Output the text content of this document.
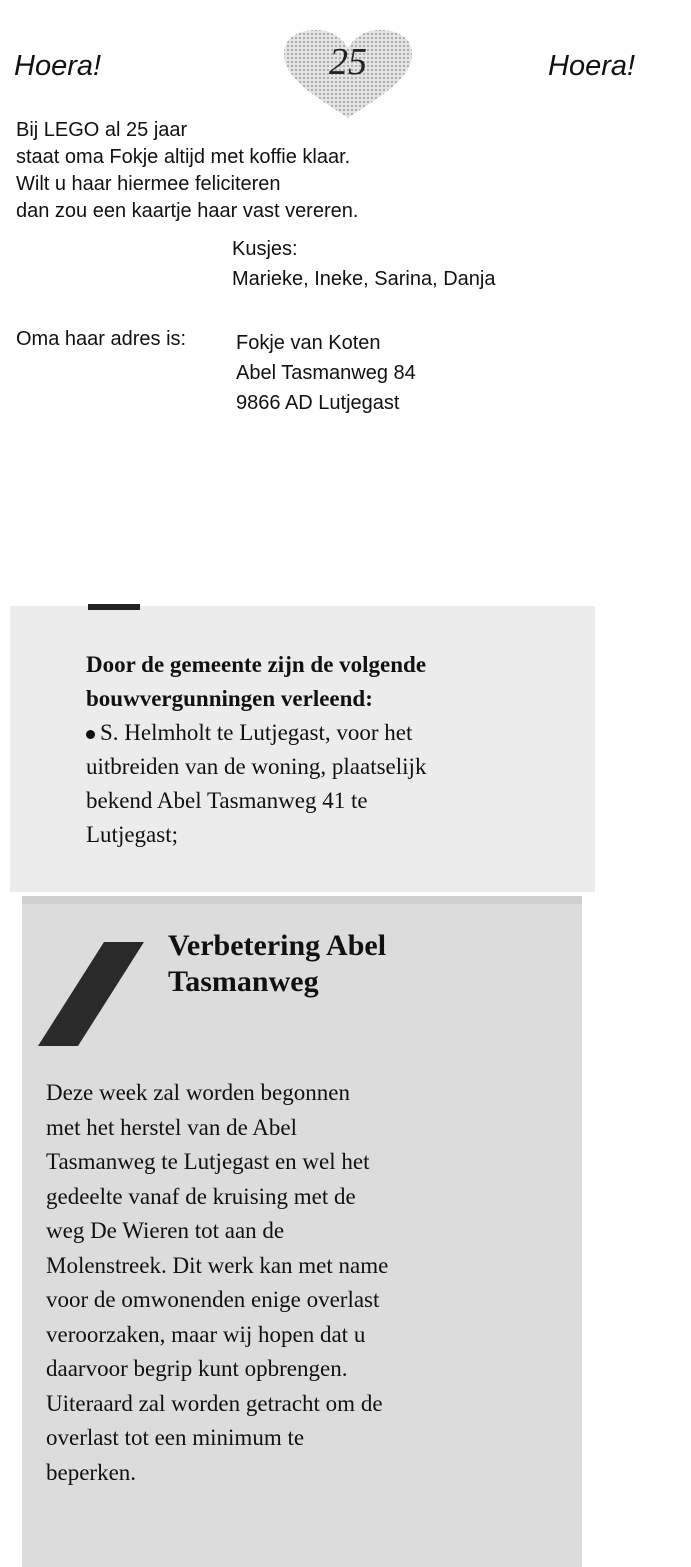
Hoera!	25	Hoera!
Bij LEGO al 25 jaar
staat oma Fokje altijd met koffie klaar.
Wilt u haar hiermee feliciteren
dan zou een kaartje haar vast vereren.
Kusjes:
Marieke, Ineke, Sarina, Danja
Oma haar adres is: Fokje van Koten
Abel Tasmanweg 84
9866 AD Lutjegast
Door de gemeente zijn de volgende
bouwvergunningen verleend:
S. Helmholt te Lutjegast, voor het
uitbreiden van de woning, plaatselijk
bekend Abel Tasmanweg 41 te
Lutjegast;
Verbetering Abel
Tasmanweg
Deze week zal worden begonnen
met het herstel van de Abel
Tasmanweg te Lutjegast en wel het
gedeelte vanaf de kruising met de
weg De Wieren tot aan de
Molenstreek. Dit werk kan met name
voor de omwonenden enige overlast
veroorzaken, maar wij hopen dat u
daarvoor begrip kunt opbrengen.
Uiteraard zal worden getracht om de
overlast tot een minimum te
beperken.
